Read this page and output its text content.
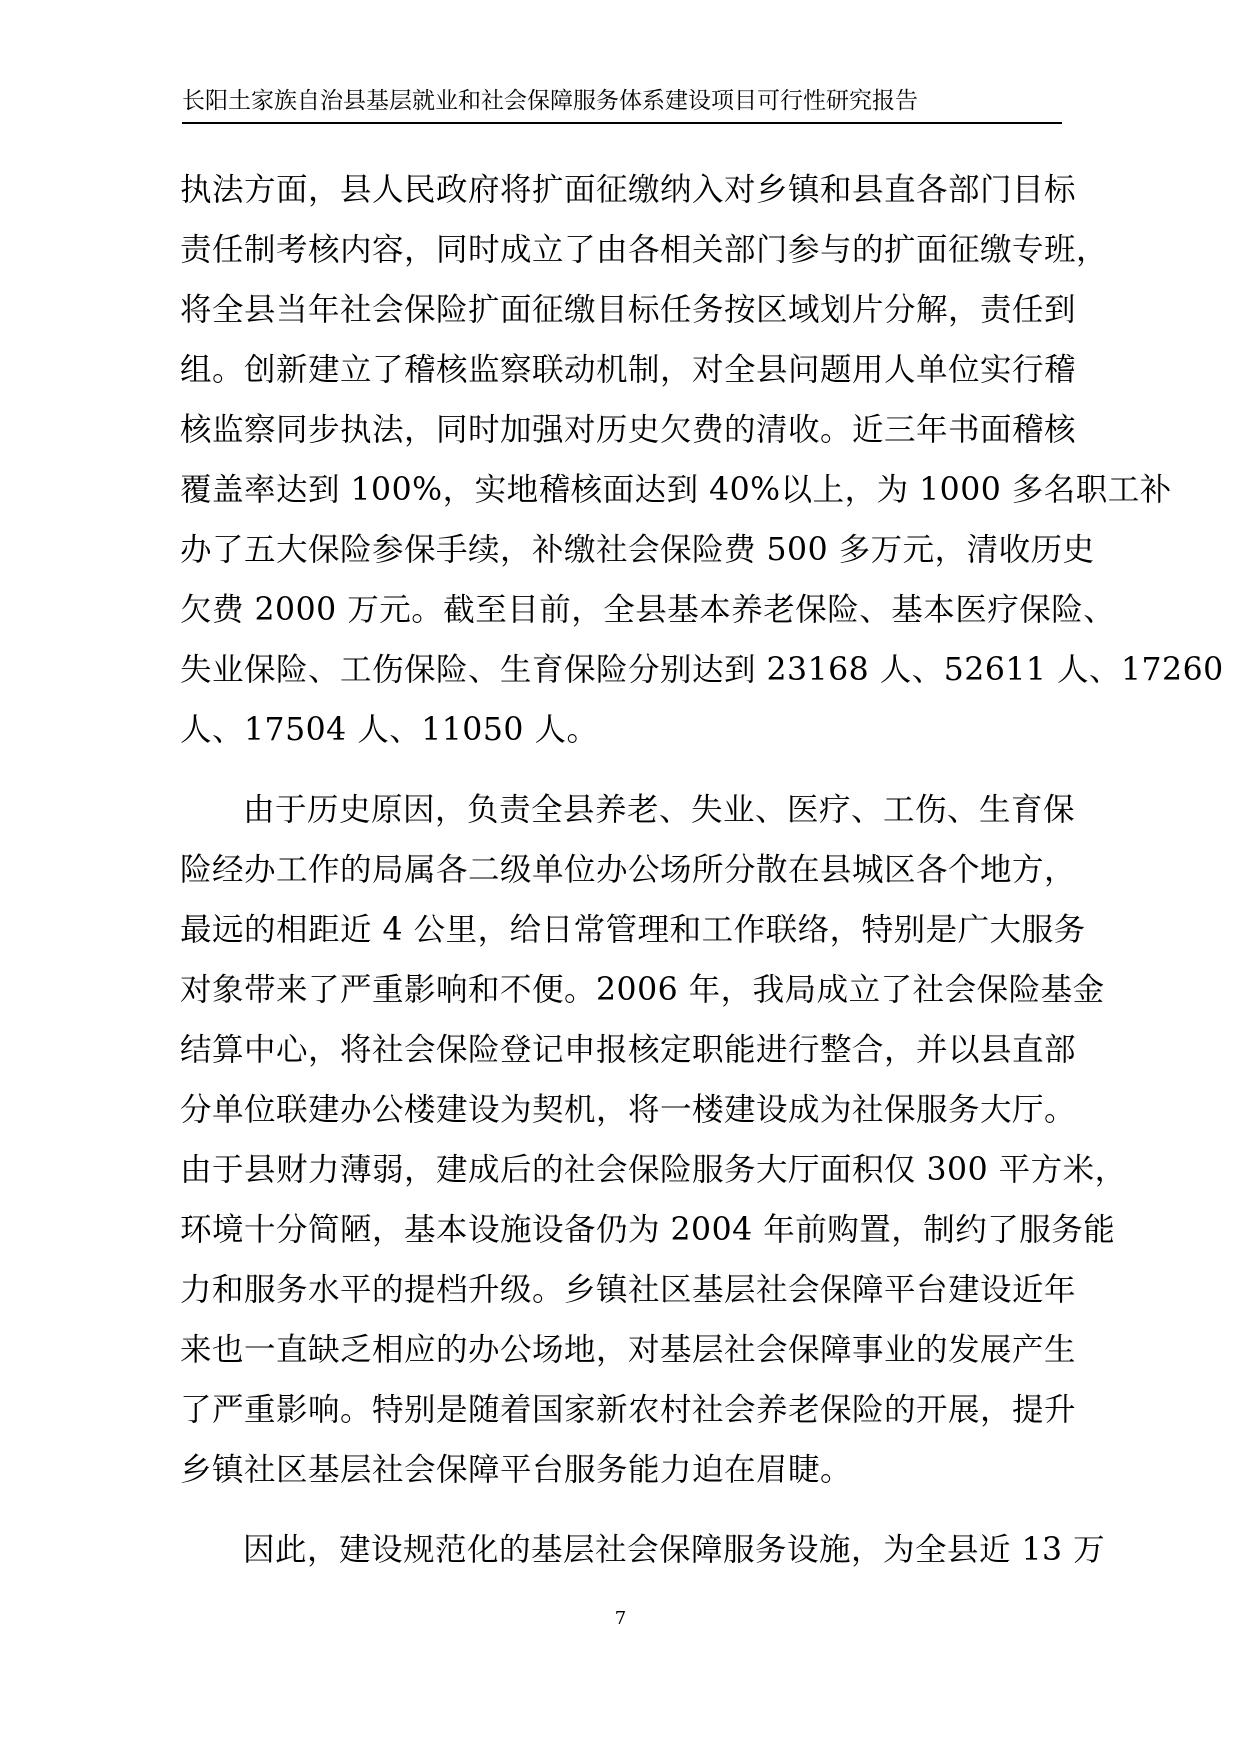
长阳土家族自治县基层就业和社会保障服务体系建设项目可行性研究报告
执法方面，县人民政府将扩面征缴纳入对乡镇和县直各部门目标
责任制考核内容，同时成立了由各相关部门参与的扩面征缴专班，
将全县当年社会保险扩面征缴目标任务按区域划片分解，责任到
组。创新建立了稽核监察联动机制，对全县问题用人单位实行稽
核监察同步执法，同时加强对历史欠费的清收。近三年书面稽核
覆盖率达到 100%，实地稽核面达到 40%以上，为 1000 多名职工补
办了五大保险参保手续，补缴社会保险费 500 多万元，清收历史
欠费 2000 万元。截至目前，全县基本养老保险、基本医疗保险、
失业保险、工伤保险、生育保险分别达到 23168 人、52611 人、17260
人、17504 人、11050 人。
由于历史原因，负责全县养老、失业、医疗、工伤、生育保
险经办工作的局属各二级单位办公场所分散在县城区各个地方，
最远的相距近 4 公里，给日常管理和工作联络，特别是广大服务
对象带来了严重影响和不便。2006 年，我局成立了社会保险基金
结算中心，将社会保险登记申报核定职能进行整合，并以县直部
分单位联建办公楼建设为契机，将一楼建设成为社保服务大厅。
由于县财力薄弱，建成后的社会保险服务大厅面积仅 300 平方米，
环境十分简陋，基本设施设备仍为 2004 年前购置，制约了服务能
力和服务水平的提档升级。乡镇社区基层社会保障平台建设近年
来也一直缺乏相应的办公场地，对基层社会保障事业的发展产生
了严重影响。特别是随着国家新农村社会养老保险的开展，提升
乡镇社区基层社会保障平台服务能力迫在眉睫。
因此，建设规范化的基层社会保障服务设施，为全县近 13 万
7
